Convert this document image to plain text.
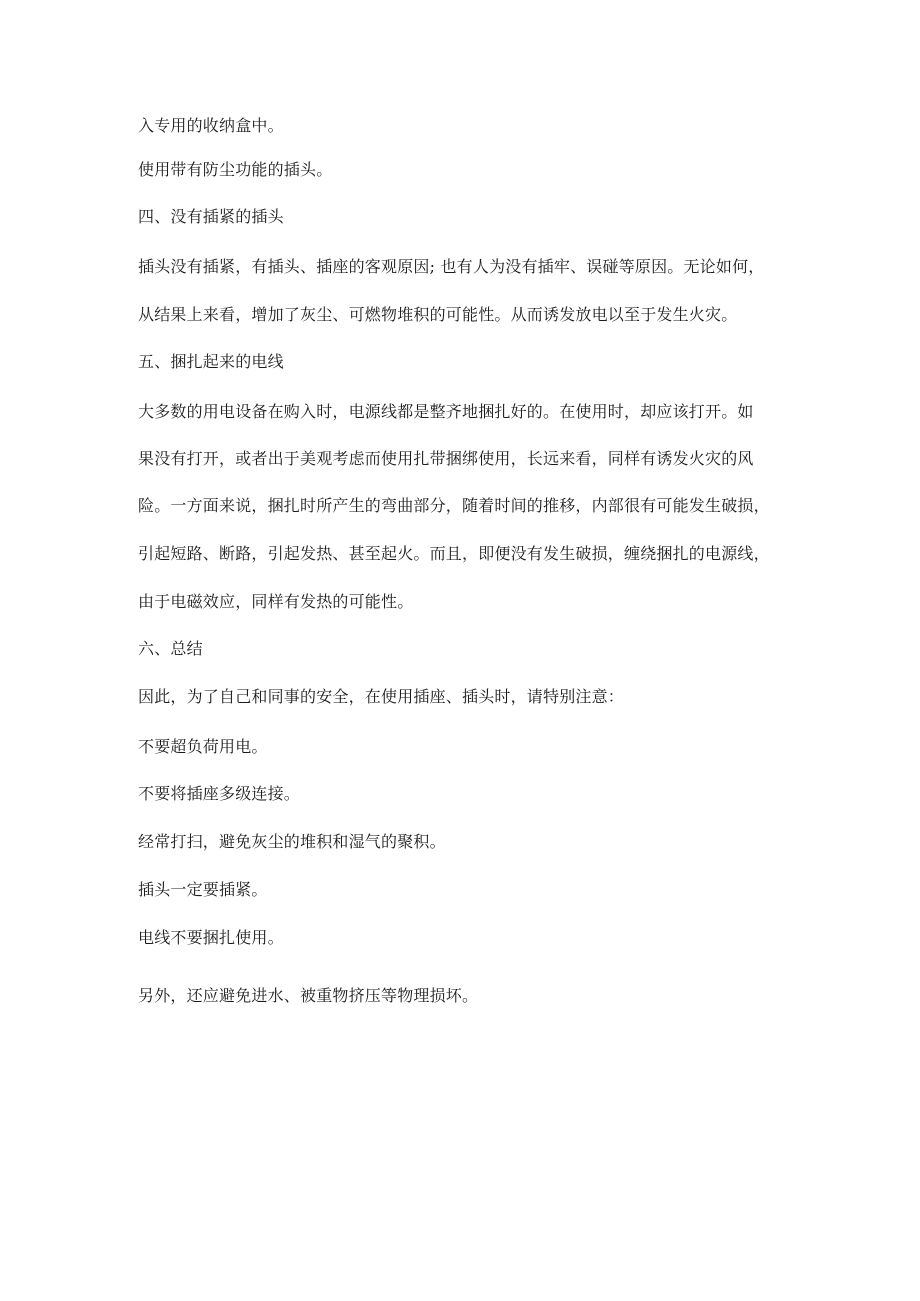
入专用的收纳盒中。
使用带有防尘功能的插头。
四、没有插紧的插头
插头没有插紧，有插头、插座的客观原因; 也有人为没有插牢、误碰等原因。无论如何，
从结果上来看，增加了灰尘、可燃物堆积的可能性。从而诱发放电以至于发生火灾。
五、捆扎起来的电线
大多数的用电设备在购入时，电源线都是整齐地捆扎好的。在使用时，却应该打开。如
果没有打开，或者出于美观考虑而使用扎带捆绑使用，长远来看，同样有诱发火灾的风
险。一方面来说，捆扎时所产生的弯曲部分，随着时间的推移，内部很有可能发生破损，
引起短路、断路，引起发热、甚至起火。而且，即便没有发生破损，缠绕捆扎的电源线，
由于电磁效应，同样有发热的可能性。
六、总结
因此，为了自己和同事的安全，在使用插座、插头时，请特别注意：
不要超负荷用电。
不要将插座多级连接。
经常打扫，避免灰尘的堆积和湿气的聚积。
插头一定要插紧。
电线不要捆扎使用。
另外，还应避免进水、被重物挤压等物理损坏。
